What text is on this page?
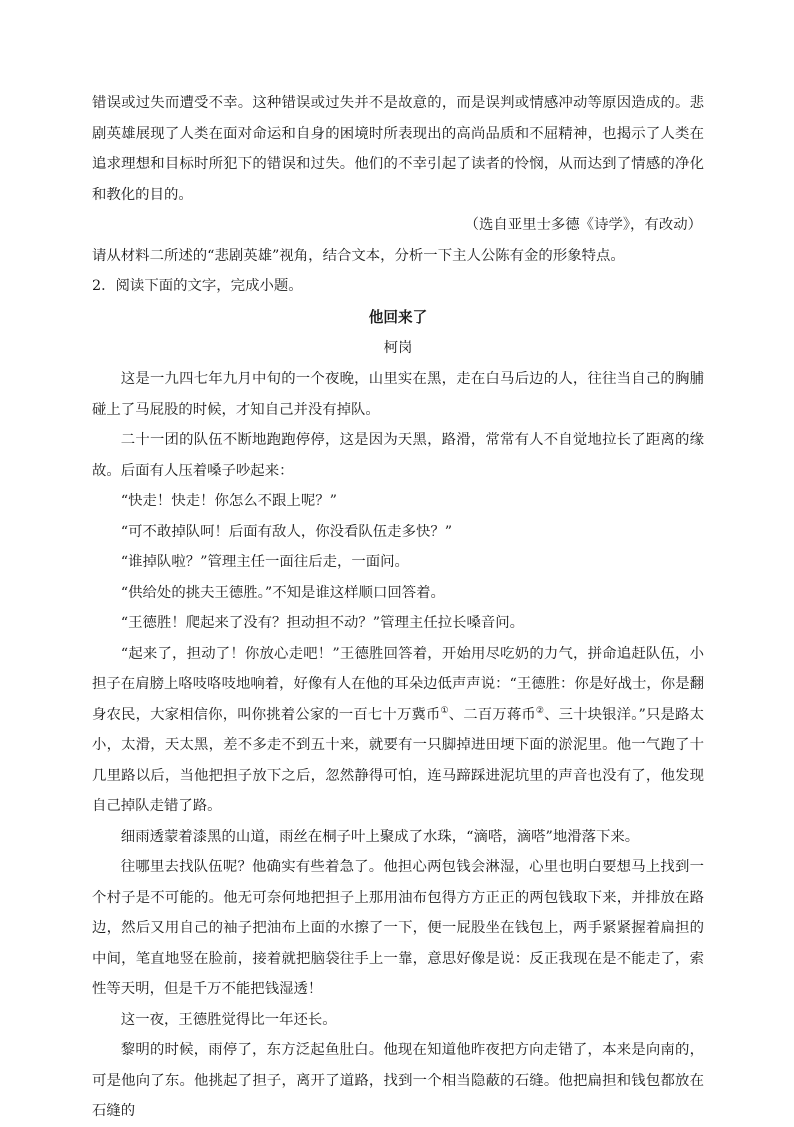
错误或过失而遭受不幸。这种错误或过失并不是故意的，而是误判或情感冲动等原因造成的。悲剧英雄展现了人类在面对命运和自身的困境时所表现出的高尚品质和不屈精神，也揭示了人类在追求理想和目标时所犯下的错误和过失。他们的不幸引起了读者的怜悯，从而达到了情感的净化和教化的目的。

（选自亚里士多德《诗学》，有改动）

请从材料二所述的“悲剧英雄”视角，结合文本，分析一下主人公陈有金的形象特点。

2．阅读下面的文字，完成小题。

他回来了

柯岗

这是一九四七年九月中旬的一个夜晚，山里实在黑，走在白马后边的人，往往当自己的胸脯碰上了马屁股的时候，才知自己并没有掉队。

二十一团的队伍不断地跑跑停停，这是因为天黑，路滑，常常有人不自觉地拉长了距离的缘故。后面有人压着嗓子吵起来：

“快走！快走！你怎么不跟上呢？”

“可不敢掉队呵！后面有敌人，你没看队伍走多快？”

“谁掉队啦？”管理主任一面往后走，一面问。

“供给处的挑夫王德胜。”不知是谁这样顺口回答着。

“王德胜！爬起来了没有？担动担不动？”管理主任拉长嗓音问。

“起来了，担动了！你放心走吧！”王德胜回答着，开始用尽吃奶的力气，拼命追赶队伍，小担子在肩膀上咯吱咯吱地响着，好像有人在他的耳朵边低声声说：“王德胜：你是好战士，你是翻身农民，大家相信你，叫你挑着公家的一百七十万冀币①、二百万蒋币②、三十块银洋。”只是路太小，太滑，天太黑，差不多走不到五十来，就要有一只脚掉进田埂下面的淤泥里。他一气跑了十几里路以后，当他把担子放下之后，忽然静得可怕，连马蹄踩进泥坑里的声音也没有了，他发现自己掉队走错了路。

细雨透蒙着漆黑的山道，雨丝在桐子叶上聚成了水珠，“滴嗒，滴嗒”地滑落下来。

往哪里去找队伍呢？他确实有些着急了。他担心两包钱会淋湿，心里也明白要想马上找到一个村子是不可能的。他无可奈何地把担子上那用油布包得方方正正的两包钱取下来，并排放在路边，然后又用自己的袖子把油布上面的水擦了一下，便一屁股坐在钱包上，两手紧紧握着扁担的中间，笔直地竖在脸前，接着就把脑袋往手上一靠，意思好像是说：反正我现在是不能走了，索性等天明，但是千万不能把钱湿透！

这一夜，王德胜觉得比一年还长。

黎明的时候，雨停了，东方泛起鱼肚白。他现在知道他昨夜把方向走错了，本来是向南的，可是他向了东。他挑起了担子，离开了道路，找到一个相当隐蔽的石缝。他把扁担和钱包都放在石缝的
